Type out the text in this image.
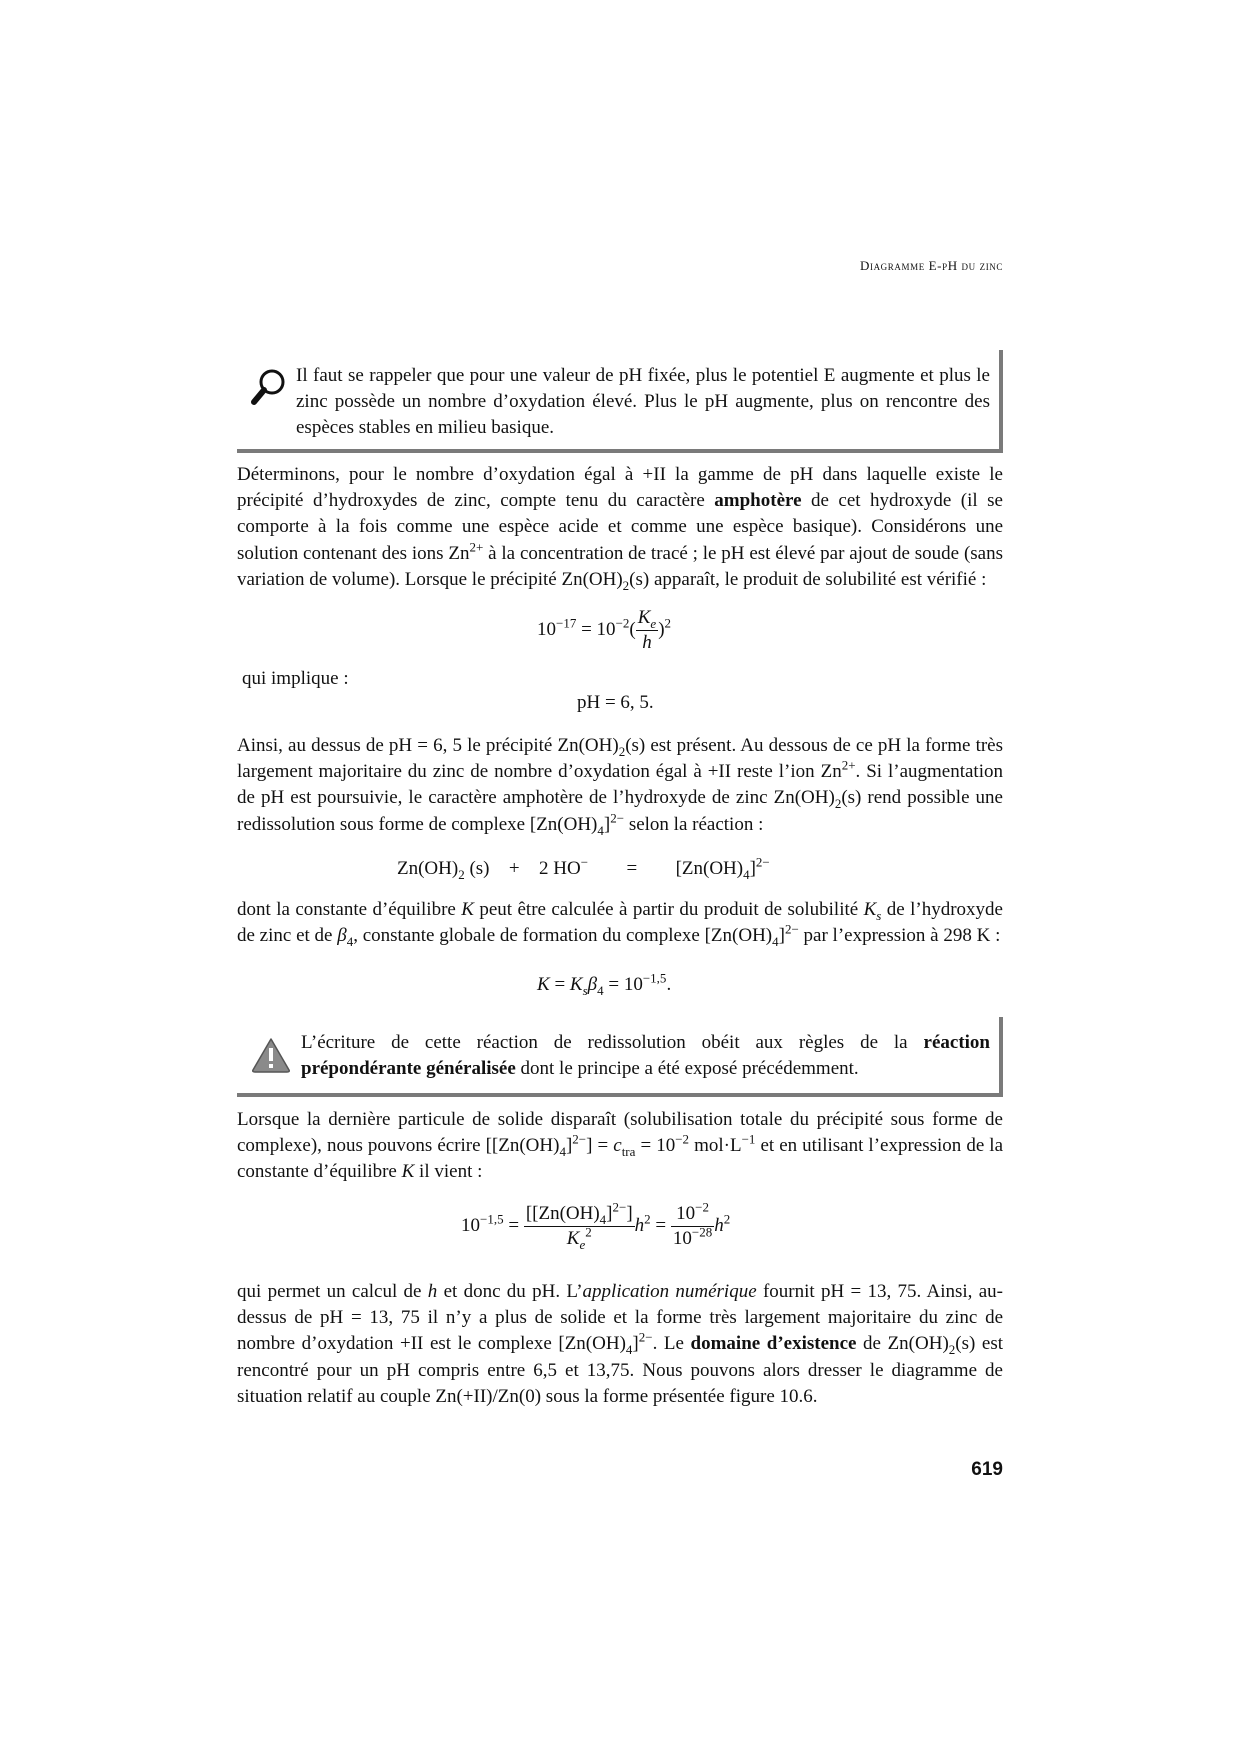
Diagramme E-pH du zinc
Il faut se rappeler que pour une valeur de pH fixée, plus le potentiel E augmente et plus le zinc possède un nombre d’oxydation élevé. Plus le pH augmente, plus on rencontre des espèces stables en milieu basique.
Déterminons, pour le nombre d’oxydation égal à +II la gamme de pH dans laquelle existe le précipité d’hydroxydes de zinc, compte tenu du caractère amphotère de cet hydroxyde (il se comporte à la fois comme une espèce acide et comme une espèce basique). Considérons une solution contenant des ions $Zn^{2+}$ à la concentration de tracé ; le pH est élevé par ajout de soude (sans variation de volume). Lorsque le précipité $Zn(OH)_2(s)$ apparaît, le produit de solubilité est vérifié :
$10^{-17} = 10^{-2}( \frac{K_e}{h} )^2$
qui implique :
pH = 6, 5.
Ainsi, au dessus de pH = 6, 5 le précipité $Zn(OH)_2(s)$ est présent. Au dessous de ce pH la forme très largement majoritaire du zinc de nombre d’oxydation égal à +II reste l’ion $Zn^{2+}$. Si l’augmentation de pH est poursuivie, le caractère amphotère de l’hydroxyde de zinc $Zn(OH)_2(s)$ rend possible une redissolution sous forme de complexe $[Zn(OH)_4]^{2-}$ selon la réaction :
$Zn(OH)_2$ (s) + 2 $HO^- = [Zn(OH)_4]^{2-}$
dont la constante d’équilibre K peut être calculée à partir du produit de solubilité $K_s$ de l’hydroxyde de zinc et de $\beta_4$, constante globale de formation du complexe $[Zn(OH)_4]^{2-}$ par l’expression à 298 K :
$K = K_s\beta_4 = 10^{-1,5}$.
L’écriture de cette réaction de redissolution obéit aux règles de la réaction prépondérante généralisée dont le principe a été exposé précédemment.
Lorsque la dernière particule de solide disparaît (solubilisation totale du précipité sous forme de complexe), nous pouvons écrire $[[Zn(OH)_4]^{2-}] = c_{tra} = 10^{-2}$ $mol\cdot L^{-1}$ et en utilisant l’expression de la constante d’équilibre K il vient :
$10^{-1,5} = \frac{[[Zn(OH)_4]^{2-}]}{K_e^2} h^2 = \frac{10^{-2}}{10^{-28}} h^2$
qui permet un calcul de h et donc du pH. L’application numérique fournit pH = 13, 75. Ainsi, au-dessus de pH = 13, 75 il n’y a plus de solide et la forme très largement majoritaire du zinc de nombre d’oxydation +II est le complexe $[Zn(OH)_4]^{2-}$. Le domaine d’existence de $Zn(OH)_2(s)$ est rencontré pour un pH compris entre 6,5 et 13,75. Nous pouvons alors dresser le diagramme de situation relatif au couple Zn(+II)/Zn(0) sous la forme présentée figure 10.6.
619
